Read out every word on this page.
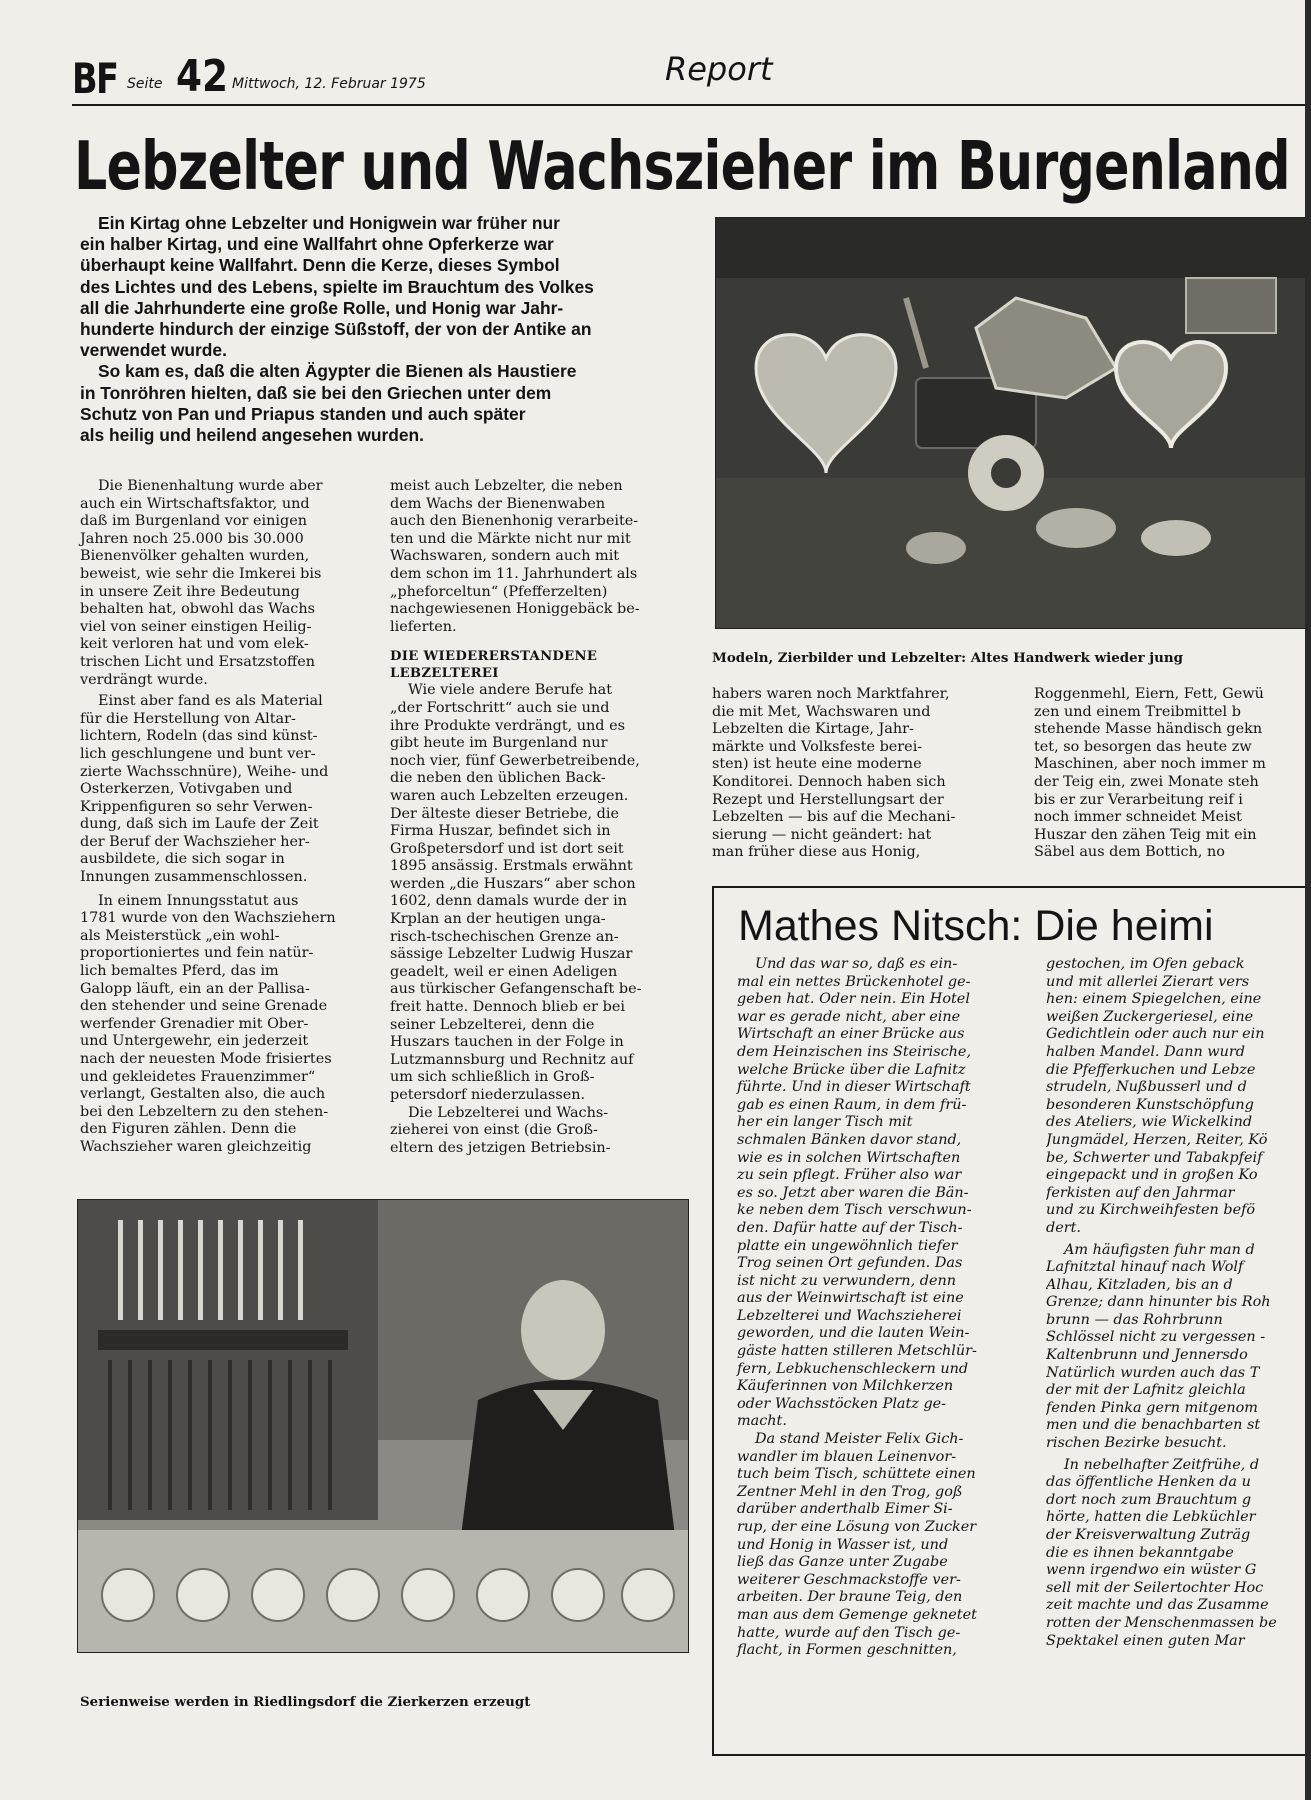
BF Seite 42 Mittwoch, 12. Februar 1975	Report
Lebzelter und Wachszieher im Burgenland

Ein Kirtag ohne Lebzelter und Honigwein war früher nur
ein halber Kirtag, und eine Wallfahrt ohne Opferkerze war
überhaupt keine Wallfahrt. Denn die Kerze, dieses Symbol
des Lichtes und des Lebens, spielte im Brauchtum des Volkes
all die Jahrhunderte eine große Rolle, und Honig war Jahr-
hunderte hindurch der einzige Süßstoff, der von der Antike an
verwendet wurde.

So kam es, daß die alten Ägypter die Bienen als Haustiere
in Tonröhren hielten, daß sie bei den Griechen unter dem
Schutz von Pan und Priapus standen und auch später
als heilig und heilend angesehen wurden.

Die Bienenhaltung wurde aber
auch ein Wirtschaftsfaktor, und
daß im Burgenland vor einigen
Jahren noch 25.000 bis 30.000
Bienenvölker gehalten wurden,
beweist, wie sehr die Imkerei bis
in unsere Zeit ihre Bedeutung
behalten hat, obwohl das Wachs
viel von seiner einstigen Heilig-
keit verloren hat und vom elek-
trischen Licht und Ersatzstoffen
verdrängt wurde.

Einst aber fand es als Material
für die Herstellung von Altar-
lichtern, Rodeln (das sind künst-
lich geschlungene und bunt ver-
zierte Wachsschnüre), Weihe- und
Osterkerzen, Votivgaben und
Krippenfiguren so sehr Verwen-
dung, daß sich im Laufe der Zeit
der Beruf der Wachszieher her-
ausbildete, die sich sogar in
Innungen zusammenschlossen.

In einem Innungsstatut aus
1781 wurde von den Wachsziehern
als Meisterstück „ein wohl-
proportioniertes und fein natür-
lich bemaltes Pferd, das im
Galopp läuft, ein an der Pallisa-
den stehender und seine Grenade
werfender Grenadier mit Ober-
und Untergewehr, ein jederzeit
nach der neuesten Mode frisiertes
und gekleidetes Frauenzimmer“
verlangt, Gestalten also, die auch
bei den Lebzeltern zu den stehen-
den Figuren zählen. Denn die
Wachszieher waren gleichzeitig

meist auch Lebzelter, die neben
dem Wachs der Bienenwaben
auch den Bienenhonig verarbeite-
ten und die Märkte nicht nur mit
Wachswaren, sondern auch mit
dem schon im 11. Jahrhundert als
„pheforceltun“ (Pfefferzelten)
nachgewiesenen Honiggebäck be-
lieferten.

DIE WIEDERERSTANDENE
LEBZELTEREI

Wie viele andere Berufe hat
„der Fortschritt“ auch sie und
ihre Produkte verdrängt, und es
gibt heute im Burgenland nur
noch vier, fünf Gewerbetreibende,
die neben den üblichen Back-
waren auch Lebzelten erzeugen.
Der älteste dieser Betriebe, die
Firma Huszar, befindet sich in
Großpetersdorf und ist dort seit
1895 ansässig. Erstmals erwähnt
werden „die Huszars“ aber schon
1602, denn damals wurde der in
Krplan an der heutigen unga-
risch-tschechischen Grenze an-
sässige Lebzelter Ludwig Huszar
geadelt, weil er einen Adeligen
aus türkischer Gefangenschaft be-
freit hatte. Dennoch blieb er bei
seiner Lebzelterei, denn die
Huszars tauchen in der Folge in
Lutzmannsburg und Rechnitz auf
um sich schließlich in Groß-
petersdorf niederzulassen.

Die Lebzelterei und Wachs-
zieherei von einst (die Groß-
eltern des jetzigen Betriebsin-

Modeln, Zierbilder und Lebzelter: Altes Handwerk wieder jung

habers waren noch Marktfahrer,
die mit Met, Wachswaren und
Lebzelten die Kirtage, Jahr-
märkte und Volksfeste berei-
sten) ist heute eine moderne
Konditorei. Dennoch haben sich
Rezept und Herstellungsart der
Lebzelten — bis auf die Mechani-
sierung — nicht geändert: hat
man früher diese aus Honig,

Roggenmehl, Eiern, Fett, Gewü
zen und einem Treibmittel b
stehende Masse händisch gekn
tet, so besorgen das heute zw
Maschinen, aber noch immer m
der Teig ein, zwei Monate steh
bis er zur Verarbeitung reif i
noch immer schneidet Meist
Huszar den zähen Teig mit ein
Säbel aus dem Bottich, no

Mathes Nitsch: Die heimi

Und das war so, daß es ein-
mal ein nettes Brückenhotel ge-
geben hat. Oder nein. Ein Hotel
war es gerade nicht, aber eine
Wirtschaft an einer Brücke aus
dem Heinzischen ins Steirische,
welche Brücke über die Lafnitz
führte. Und in dieser Wirtschaft
gab es einen Raum, in dem frü-
her ein langer Tisch mit
schmalen Bänken davor stand,
wie es in solchen Wirtschaften
zu sein pflegt. Früher also war
es so. Jetzt aber waren die Bän-
ke neben dem Tisch verschwun-
den. Dafür hatte auf der Tisch-
platte ein ungewöhnlich tiefer
Trog seinen Ort gefunden. Das
ist nicht zu verwundern, denn
aus der Weinwirtschaft ist eine
Lebzelterei und Wachszieherei
geworden, und die lauten Wein-
gäste hatten stilleren Metschlür-
fern, Lebkuchenschleckern und
Käuferinnen von Milchkerzen
oder Wachsstöcken Platz ge-
macht.

Da stand Meister Felix Gich-
wandler im blauen Leinenvor-
tuch beim Tisch, schüttete einen
Zentner Mehl in den Trog, goß
darüber anderthalb Eimer Si-
rup, der eine Lösung von Zucker
und Honig in Wasser ist, und
ließ das Ganze unter Zugabe
weiterer Geschmackstoffe ver-
arbeiten. Der braune Teig, den
man aus dem Gemenge geknetet
hatte, wurde auf den Tisch ge-
flacht, in Formen geschnitten,

gestochen, im Ofen geback
und mit allerlei Zierart vers
hen: einem Spiegelchen, eine
weißen Zuckergeriesel, eine
Gedichtlein oder auch nur ein
halben Mandel. Dann wurd
die Pfefferkuchen und Lebze
strudeln, Nußbusserl und d
besonderen Kunstschöpfung
des Ateliers, wie Wickelkind
Jungmädel, Herzen, Reiter, Kö
be, Schwerter und Tabakpfeif
eingepackt und in großen Ko
ferkisten auf den Jahrmar
und zu Kirchweihfesten befö
dert.

Am häufigsten fuhr man d
Lafnitztal hinauf nach Wolf
Alhau, Kitzladen, bis an d
Grenze; dann hinunter bis Roh
brunn — das Rohrbrunn
Schlössel nicht zu vergessen -
Kaltenbrunn und Jennersdo
Natürlich wurden auch das T
der mit der Lafnitz gleichla
fenden Pinka gern mitgenom
men und die benachbarten st
rischen Bezirke besucht.

In nebelhafter Zeitfrühe, d
das öffentliche Henken da u
dort noch zum Brauchtum g
hörte, hatten die Lebküchler
der Kreisverwaltung Zuträg
die es ihnen bekanntgabe
wenn irgendwo ein wüster G
sell mit der Seilertochter Hoc
zeit machte und das Zusamme
rotten der Menschenmassen be
Spektakel einen guten Mar

Serienweise werden in Riedlingsdorf die Zierkerzen erzeugt
